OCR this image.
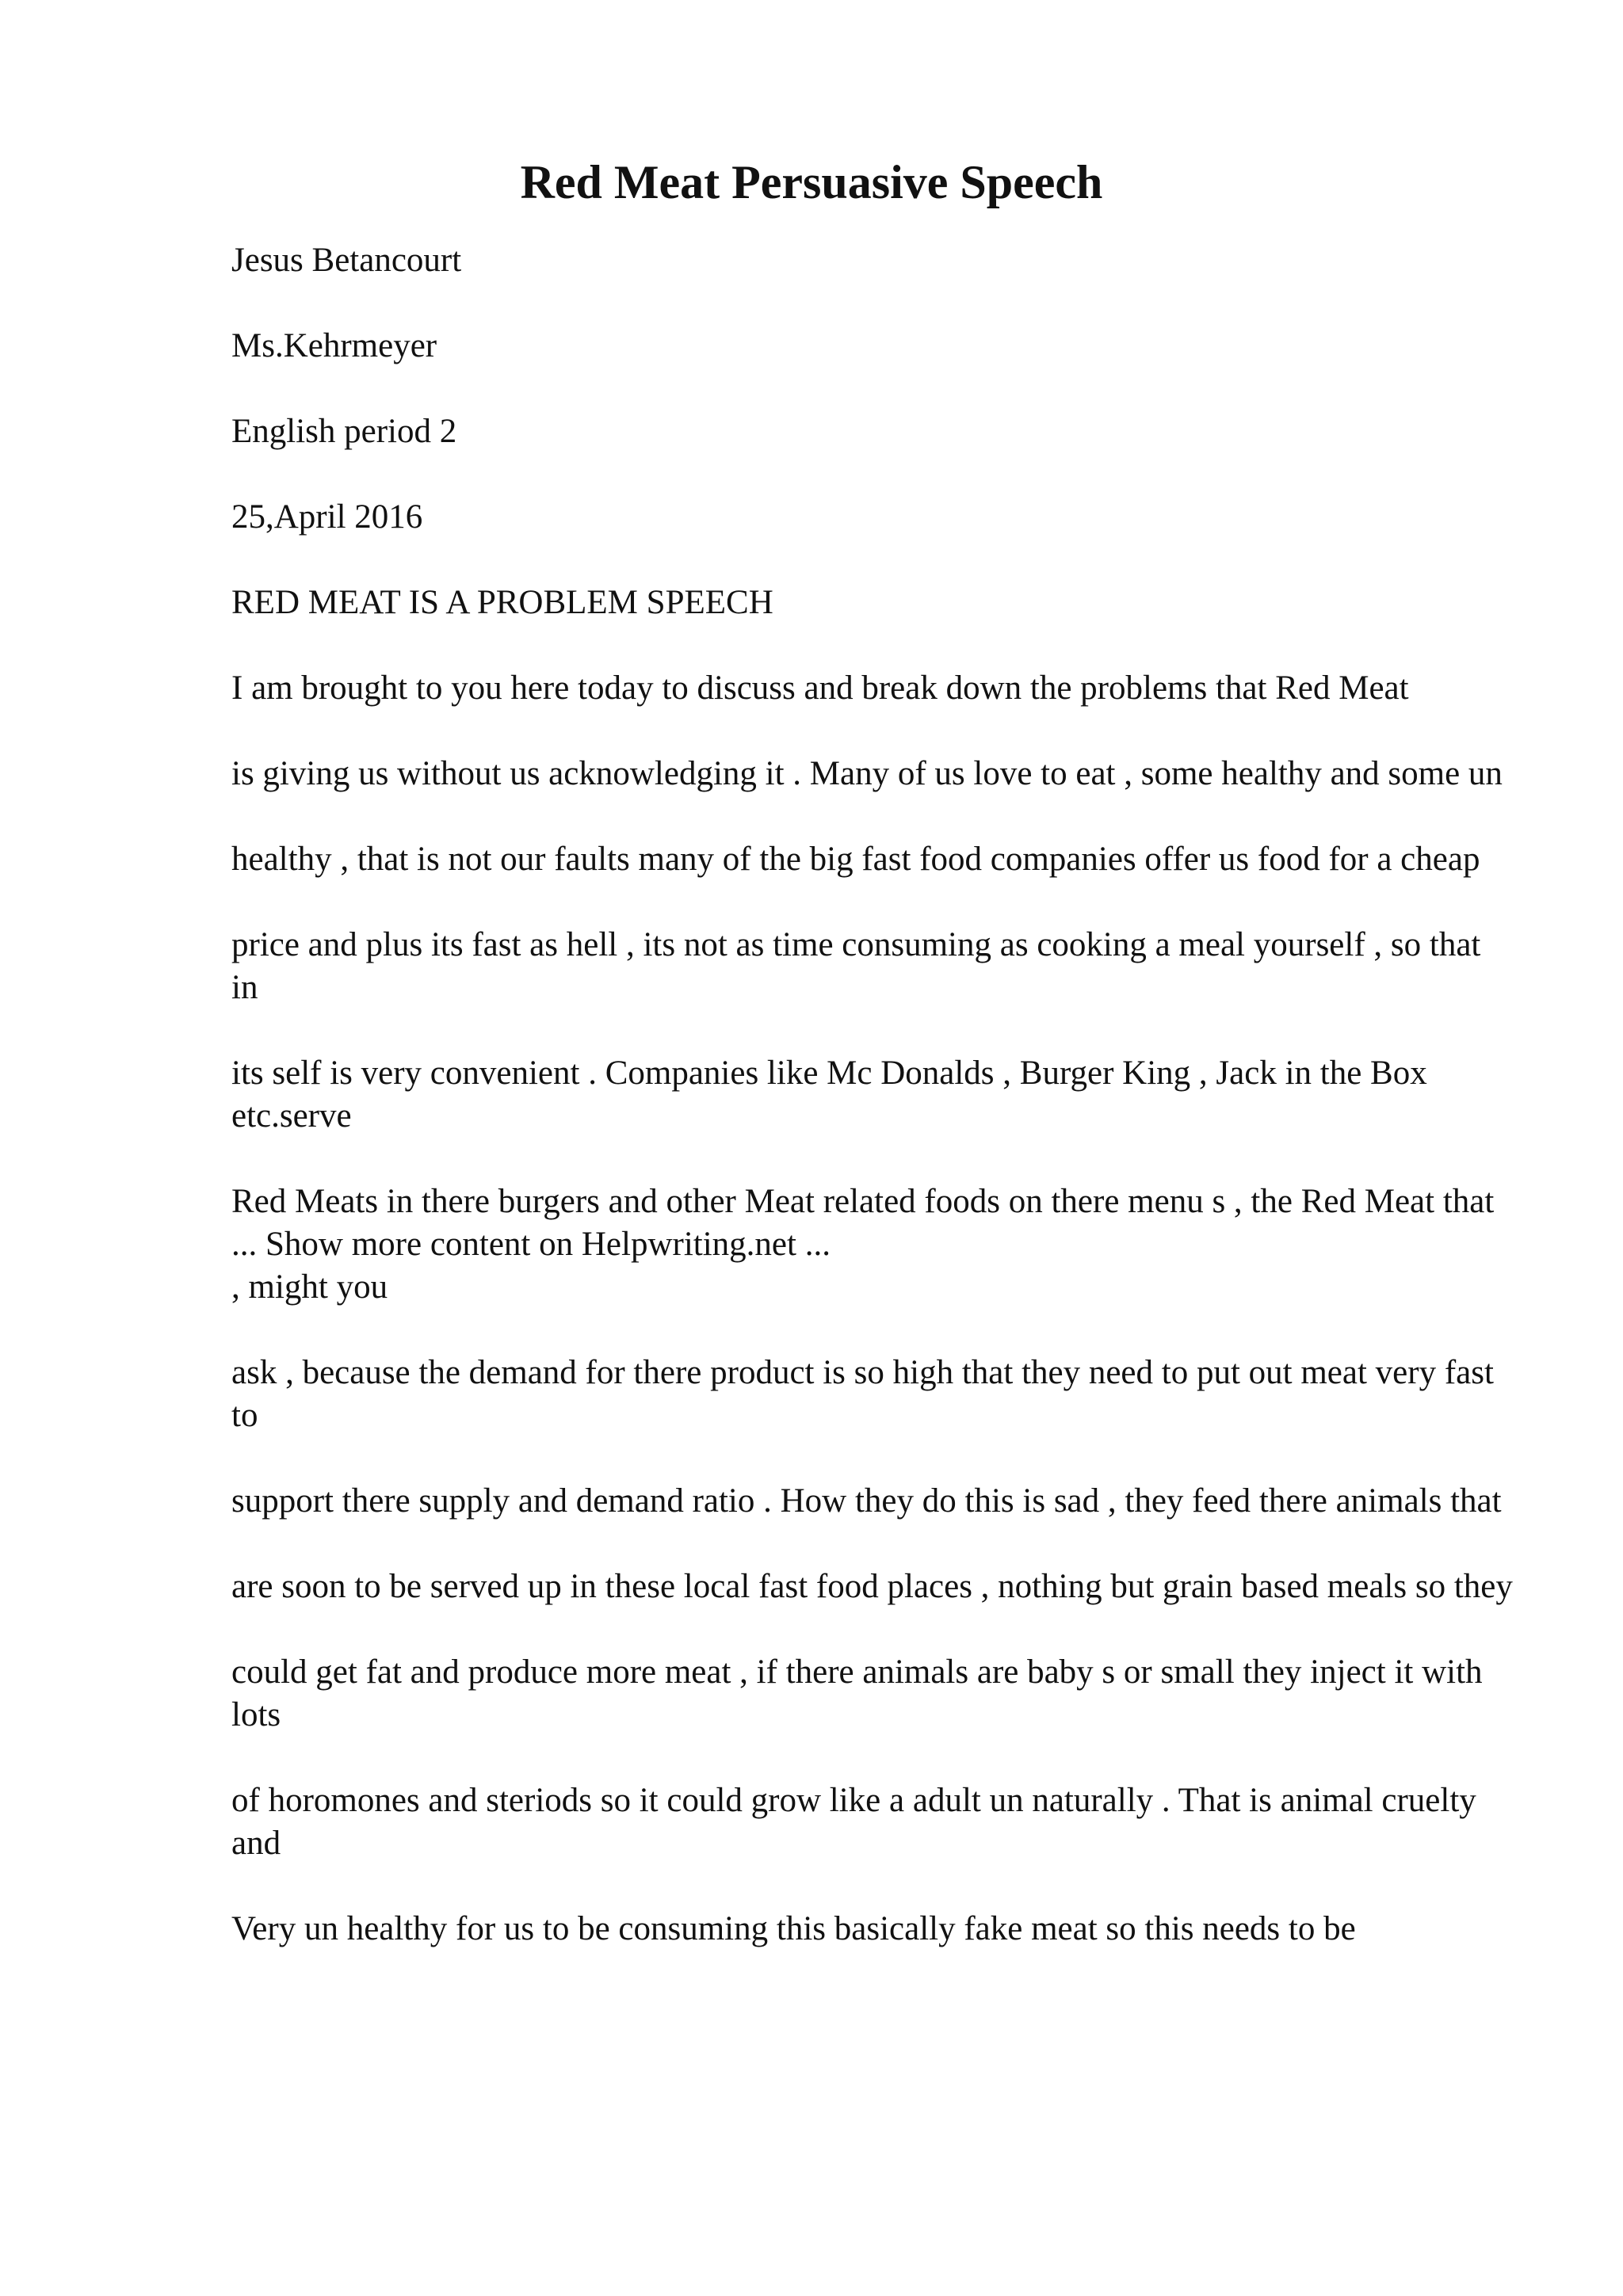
Red Meat Persuasive Speech
Jesus Betancourt
Ms.Kehrmeyer
English period 2
25,April 2016
RED MEAT IS A PROBLEM SPEECH
I am brought to you here today to discuss and break down the problems that Red Meat
is giving us without us acknowledging it . Many of us love to eat , some healthy and some un
healthy , that is not our faults many of the big fast food companies offer us food for a cheap
price and plus its fast as hell , its not as time consuming as cooking a meal yourself , so that in
its self is very convenient . Companies like Mc Donalds , Burger King , Jack in the Box etc.serve
Red Meats in there burgers and other Meat related foods on there menu s , the Red Meat that ... Show more content on Helpwriting.net ...
, might you
ask , because the demand for there product is so high that they need to put out meat very fast to
support there supply and demand ratio . How they do this is sad , they feed there animals that
are soon to be served up in these local fast food places , nothing but grain based meals so they
could get fat and produce more meat , if there animals are baby s or small they inject it with lots
of horomones and steriods so it could grow like a adult un naturally . That is animal cruelty and
Very un healthy for us to be consuming this basically fake meat so this needs to be
